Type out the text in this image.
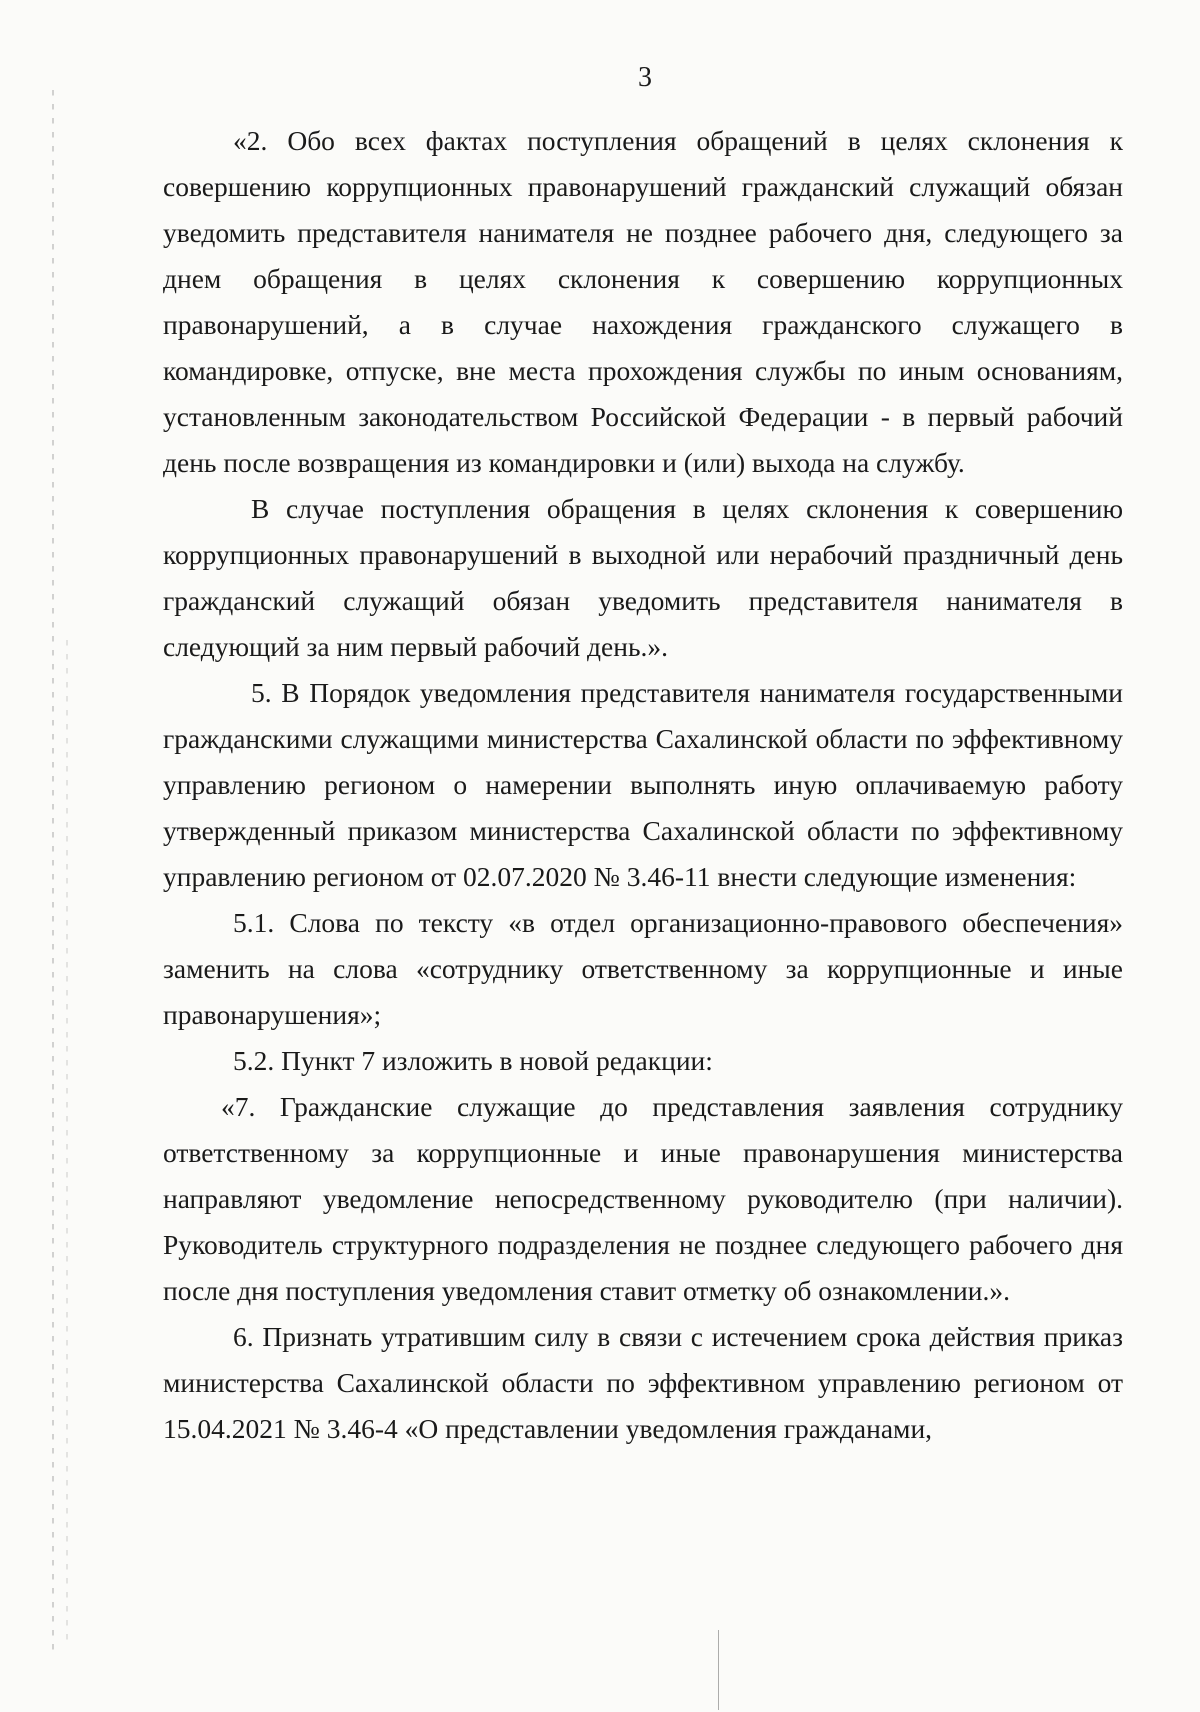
3

«2. Обо всех фактах поступления обращений в целях склонения к совершению коррупционных правонарушений гражданский служащий обязан уведомить представителя нанимателя не позднее рабочего дня, следующего за днем обращения в целях склонения к совершению коррупционных правонарушений, а в случае нахождения гражданского служащего в командировке, отпуске, вне места прохождения службы по иным основаниям, установленным законодательством Российской Федерации - в первый рабочий день после возвращения из командировки и (или) выхода на службу.

В случае поступления обращения в целях склонения к совершению коррупционных правонарушений в выходной или нерабочий праздничный день гражданский служащий обязан уведомить представителя нанимателя в следующий за ним первый рабочий день.».

5. В Порядок уведомления представителя нанимателя государственными гражданскими служащими министерства Сахалинской области по эффективному управлению регионом о намерении выполнять иную оплачиваемую работу утвержденный приказом министерства Сахалинской области по эффективному управлению регионом от 02.07.2020 № 3.46-11 внести следующие изменения:

5.1. Слова по тексту «в отдел организационно-правового обеспечения» заменить на слова «сотруднику ответственному за коррупционные и иные правонарушения»;

5.2. Пункт 7 изложить в новой редакции:

«7. Гражданские служащие до представления заявления сотруднику ответственному за коррупционные и иные правонарушения министерства направляют уведомление непосредственному руководителю (при наличии). Руководитель структурного подразделения не позднее следующего рабочего дня после дня поступления уведомления ставит отметку об ознакомлении.».

6. Признать утратившим силу в связи с истечением срока действия приказ министерства Сахалинской области по эффективном управлению регионом от 15.04.2021 № 3.46-4 «О представлении уведомления гражданами,
